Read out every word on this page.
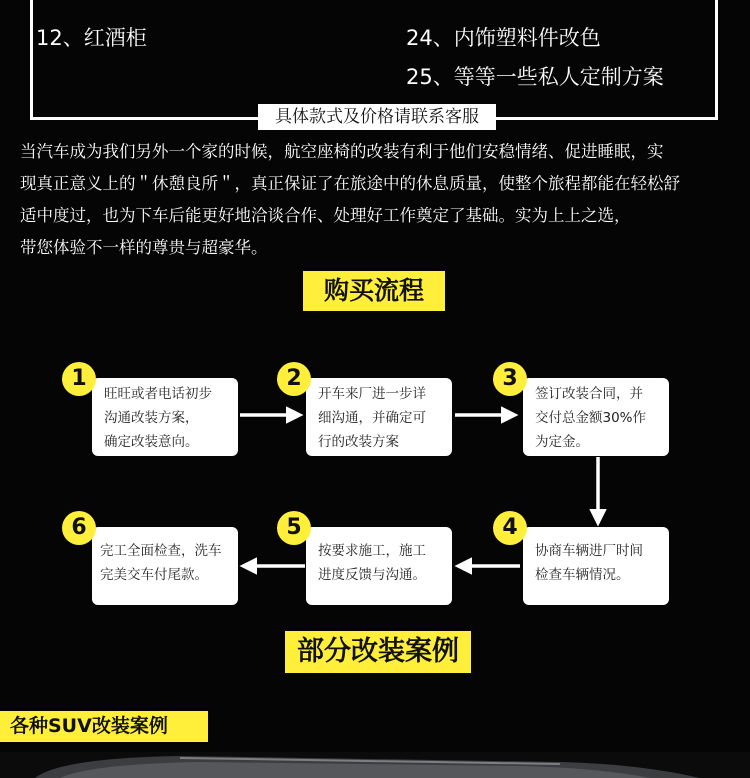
12、红酒柜	24、内饰塑料件改色
25、等等一些私人定制方案
具体款式及价格请联系客服
当汽车成为我们另外一个家的时候，航空座椅的改装有利于他们安稳情绪、促进睡眠，实
现真正意义上的＂休憩良所＂，真正保证了在旅途中的休息质量，使整个旅程都能在轻松舒
适中度过，也为下车后能更好地洽谈合作、处理好工作奠定了基础。实为上上之选，
带您体验不一样的尊贵与超豪华。
购买流程
旺旺或者电话初步
沟通改装方案，
确定改装意向。
开车来厂进一步详
细沟通，并确定可
行的改装方案
签订改装合同，并
交付总金额30%作
为定金。
协商车辆进厂时间
检查车辆情况。
按要求施工，施工
进度反馈与沟通。
完工全面检查，洗车
完美交车付尾款。
1	2	3
4
5
6
部分改装案例
各种SUV改装案例
